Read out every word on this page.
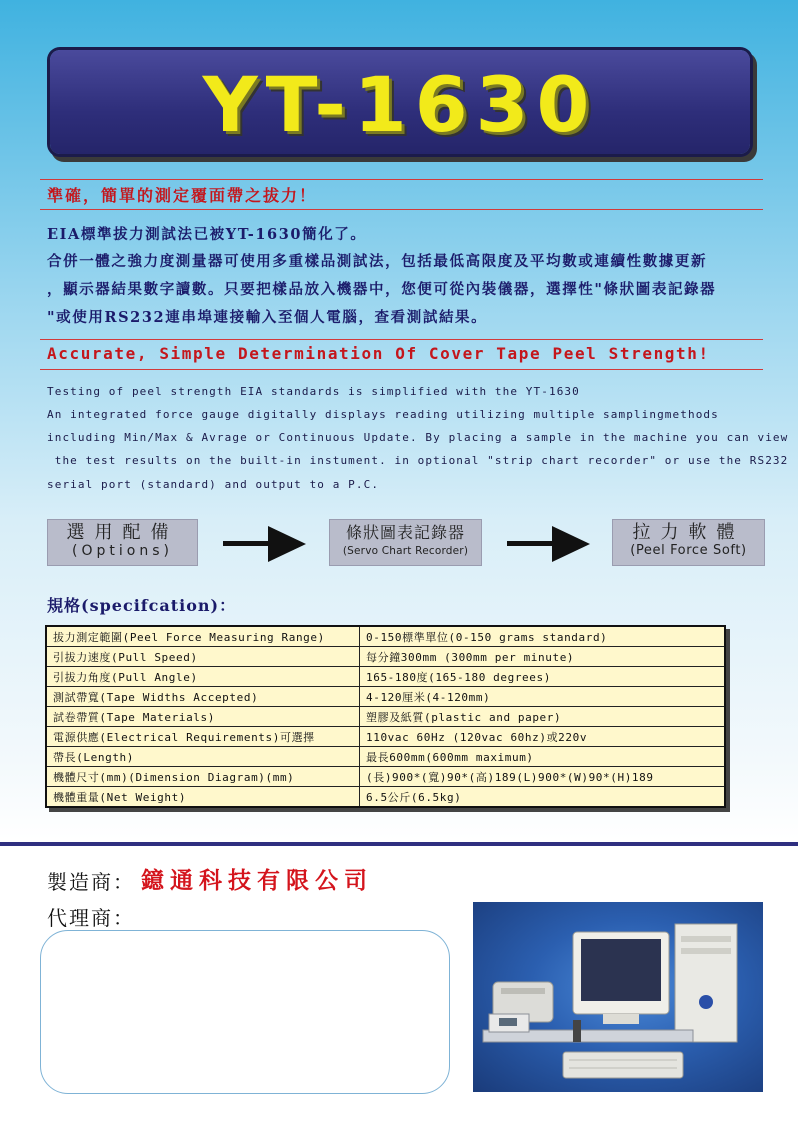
YT-1630
準確，簡單的測定覆面帶之拔力！
EIA標準拔力測試法已被YT-1630簡化了。
合併一體之強力度測量器可使用多重樣品測試法，包括最低高限度及平均數或連續性數據更新
，顯示器結果數字讀數。只要把樣品放入機器中，您便可從內裝儀器，選擇性"條狀圖表記錄器
"或使用RS232連串埠連接輸入至個人電腦，查看測試結果。
Accurate, Simple Determination Of Cover Tape Peel Strength!
Testing of peel strength EIA standards is simplified with the YT-1630
An integrated force gauge digitally displays reading utilizing multiple samplingmethods
including Min/Max & Avrage or Continuous Update. By placing a sample in the machine you can view
the test results on the built-in instument. in optional "strip chart recorder" or use the RS232
serial port (standard) and output to a P.C.
選用配備
(Options)
條狀圖表記錄器
(Servo Chart Recorder)
拉力軟體
(Peel Force Soft)
規格(specifcation)：
拔力測定範圍(Peel Force Measuring Range)	0-150標準單位(0-150 grams standard)
引拔力速度(Pull Speed)	每分鐘300mm (300mm per minute)
引拔力角度(Pull Angle)	165-180度(165-180 degrees)
測試帶寬(Tape Widths Accepted)	4-120厘米(4-120mm)
試卷帶質(Tape Materials)	塑膠及紙質(plastic and paper)
電源供應(Electrical Requirements)可選擇	110vac 60Hz (120vac 60hz)或220v
帶長(Length)	最長600mm(600mm maximum)
機體尺寸(mm)(Dimension Diagram)(mm)	(長)900*(寬)90*(高)189(L)900*(W)90*(H)189
機體重量(Net Weight)	6.5公斤(6.5kg)
製造商： 鐿通科技有限公司
代理商：
